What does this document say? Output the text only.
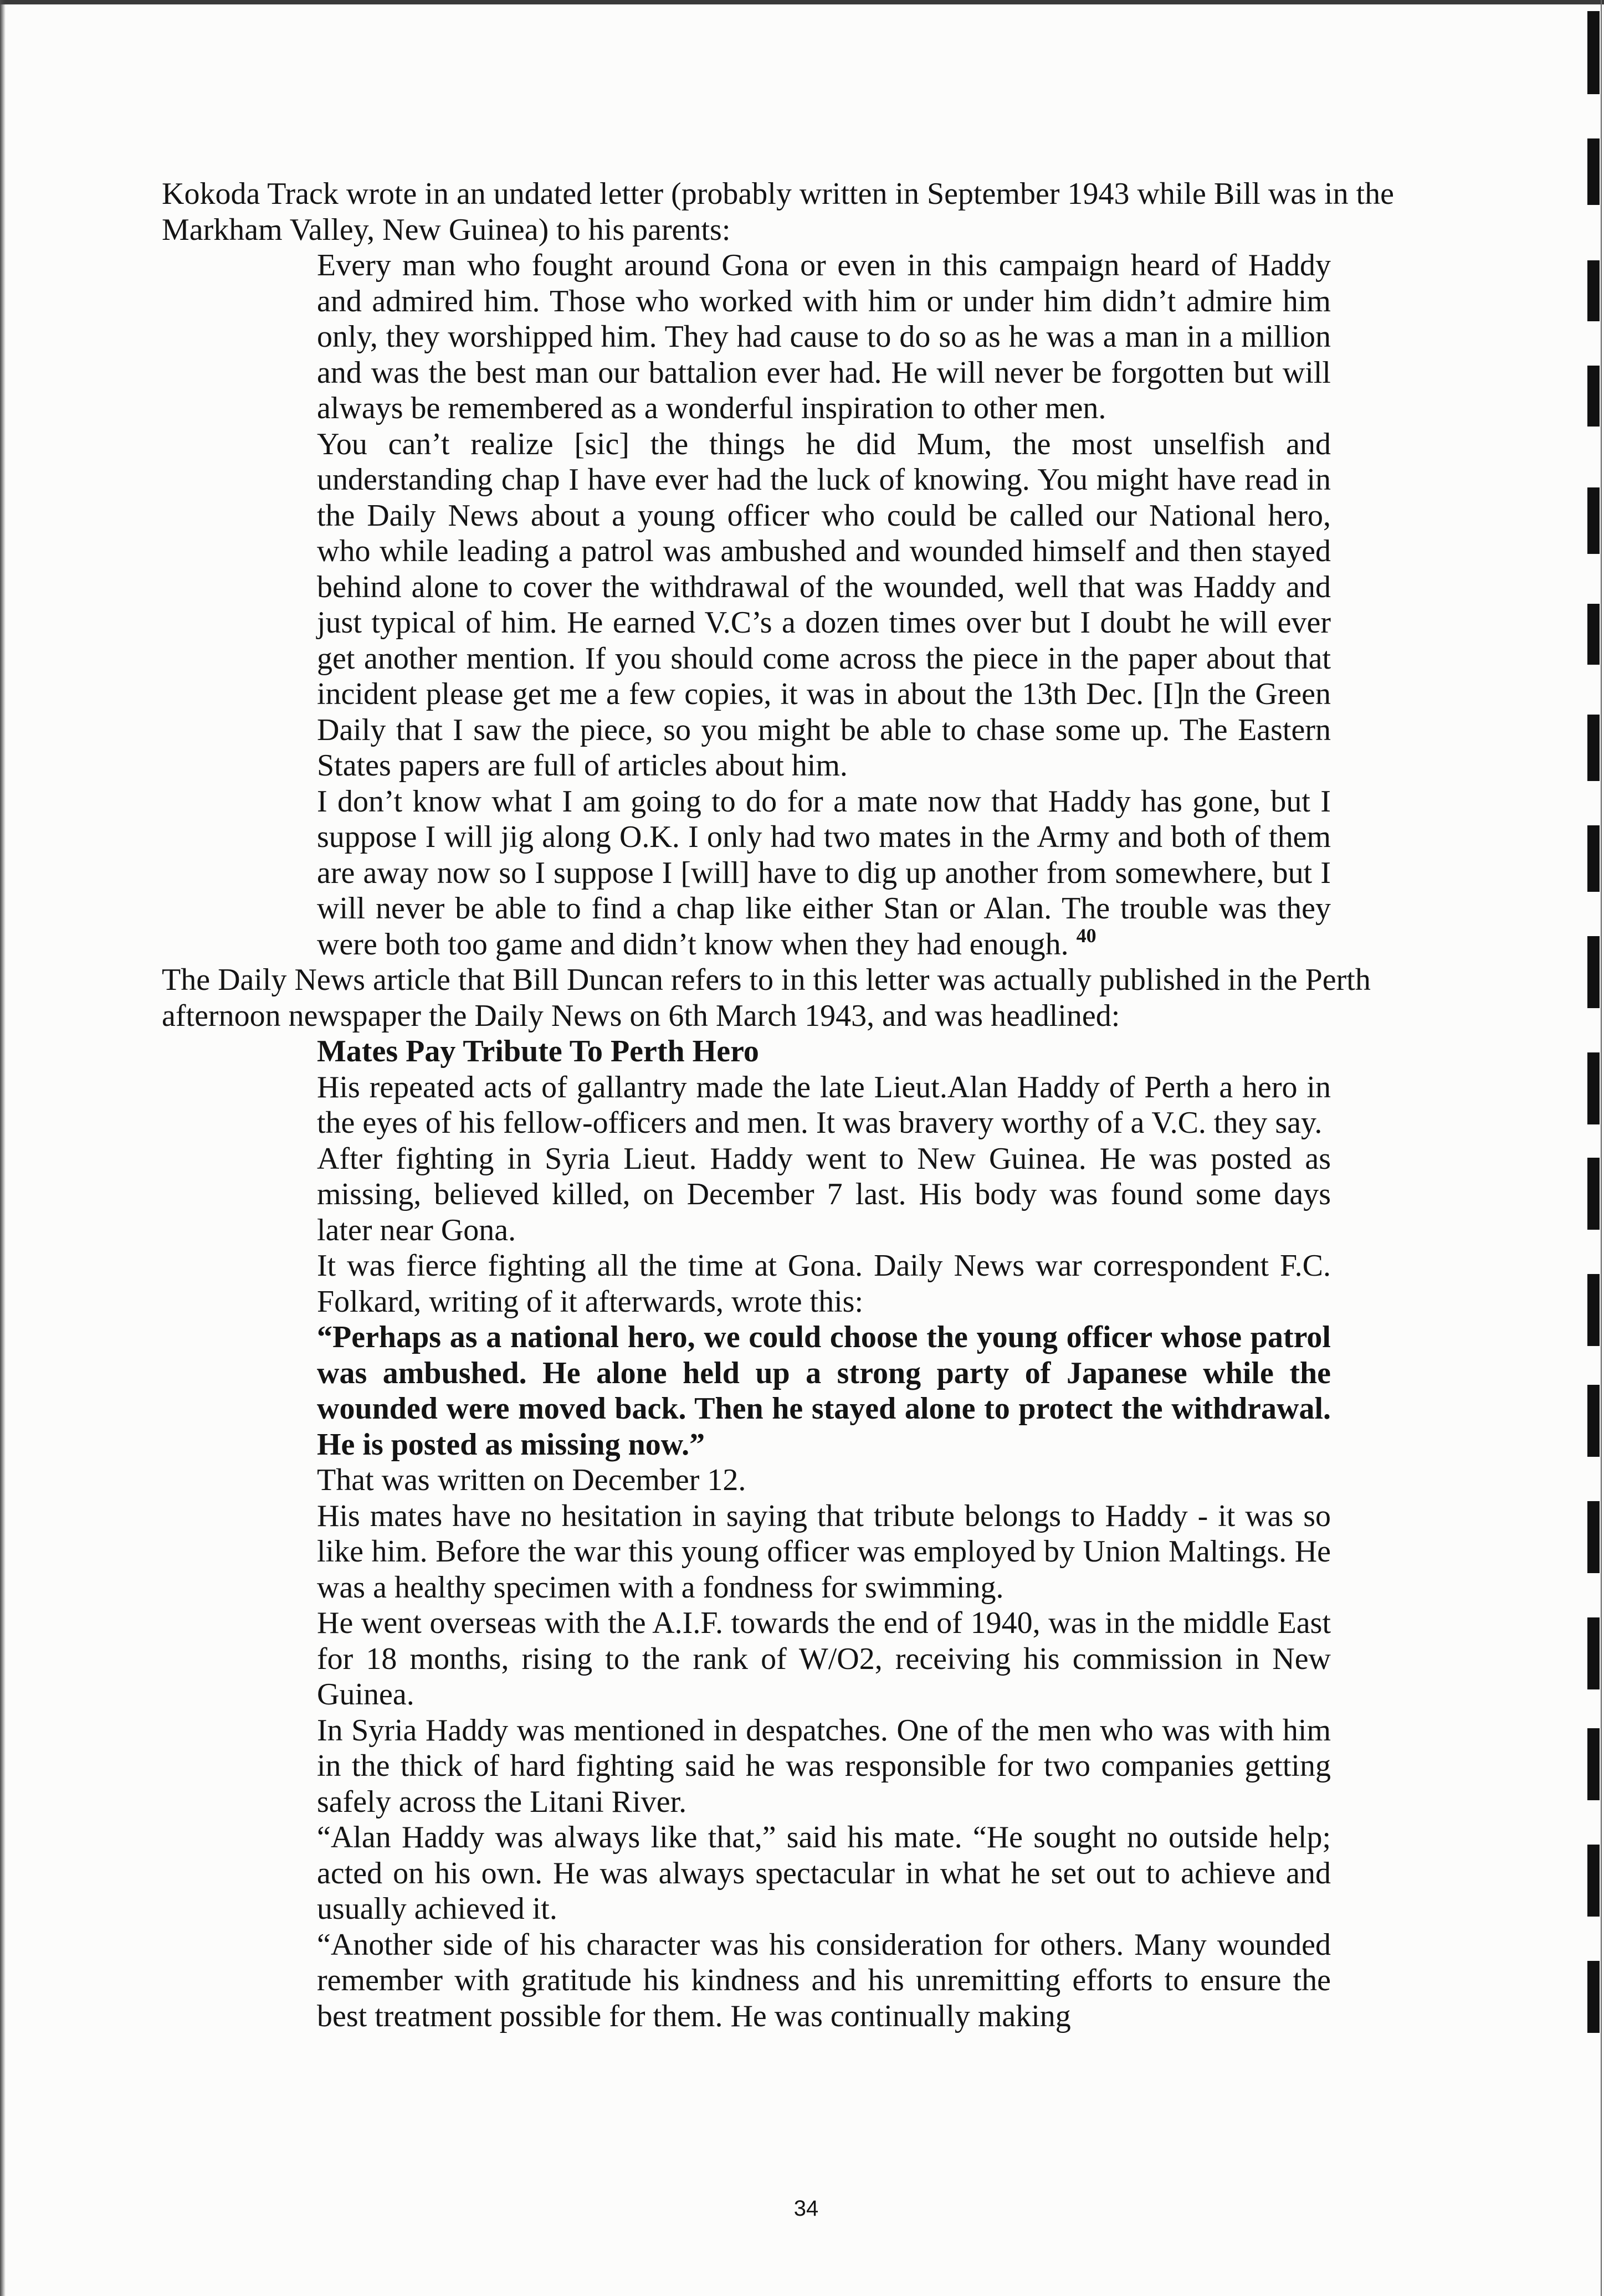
Kokoda Track wrote in an undated letter (probably written in September 1943 while Bill was in the Markham Valley, New Guinea) to his parents:

Every man who fought around Gona or even in this campaign heard of Haddy and admired him. Those who worked with him or under him didn’t admire him only, they worshipped him. They had cause to do so as he was a man in a million and was the best man our battalion ever had. He will never be forgotten but will always be remembered as a wonderful inspiration to other men.

You can’t realize [sic] the things he did Mum, the most unselfish and understanding chap I have ever had the luck of knowing. You might have read in the Daily News about a young officer who could be called our National hero, who while leading a patrol was ambushed and wounded himself and then stayed behind alone to cover the withdrawal of the wounded, well that was Haddy and just typical of him. He earned V.C’s a dozen times over but I doubt he will ever get another mention. If you should come across the piece in the paper about that incident please get me a few copies, it was in about the 13th Dec. [I]n the Green Daily that I saw the piece, so you might be able to chase some up. The Eastern States papers are full of articles about him.

I don’t know what I am going to do for a mate now that Haddy has gone, but I suppose I will jig along O.K. I only had two mates in the Army and both of them are away now so I suppose I [will] have to dig up another from somewhere, but I will never be able to find a chap like either Stan or Alan. The trouble was they were both too game and didn’t know when they had enough. $^{40}$

The Daily News article that Bill Duncan refers to in this letter was actually published in the Perth afternoon newspaper the Daily News on 6th March 1943, and was headlined:

Mates Pay Tribute To Perth Hero

His repeated acts of gallantry made the late Lieut.Alan Haddy of Perth a hero in the eyes of his fellow-officers and men. It was bravery worthy of a V.C. they say.

After fighting in Syria Lieut. Haddy went to New Guinea. He was posted as missing, believed killed, on December 7 last. His body was found some days later near Gona.

It was fierce fighting all the time at Gona. Daily News war correspondent F.C. Folkard, writing of it afterwards, wrote this:

“Perhaps as a national hero, we could choose the young officer whose patrol was ambushed. He alone held up a strong party of Japanese while the wounded were moved back. Then he stayed alone to protect the withdrawal. He is posted as missing now.”

That was written on December 12.

His mates have no hesitation in saying that tribute belongs to Haddy - it was so like him. Before the war this young officer was employed by Union Maltings. He was a healthy specimen with a fondness for swimming.

He went overseas with the A.I.F. towards the end of 1940, was in the middle East for 18 months, rising to the rank of W/O2, receiving his commission in New Guinea.

In Syria Haddy was mentioned in despatches. One of the men who was with him in the thick of hard fighting said he was responsible for two companies getting safely across the Litani River.

“Alan Haddy was always like that,” said his mate. “He sought no outside help; acted on his own. He was always spectacular in what he set out to achieve and usually achieved it.

“Another side of his character was his consideration for others. Many wounded remember with gratitude his kindness and his unremitting efforts to ensure the best treatment possible for them. He was continually making

34
